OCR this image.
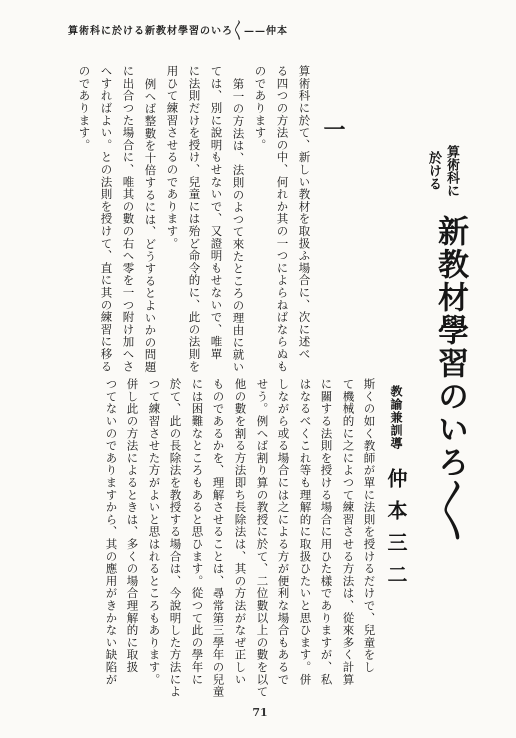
算術科に於ける新教材學習のいろ〱——仲本
算術科に
於ける
新教材學習のいろ〱
教諭兼訓導
仲本三二
斯くの如く教師が單に法則を授けるだけで、兒童をし
て機械的に之によつて練習させる方法は、從來多く計算
に關する法則を授ける場合に用ひた樣でありますが、私
はなるべくこれ等も理解的に取扱ひたいと思ひます。併
しながら或る場合には之による方が便利な場合もあるで
せう。例へば割り算の教授に於て、二位數以上の數を以て
他の數を割る方法即ち長除法は、其の方法がなぜ正しい
ものであるかを、理解させることは、尋常第三學年の兒童
には困難なところもあると思ひます。從つて此の學年に
於て、此の長除法を教授する場合は、今說明した方法によ
つて練習させた方がよいと思はれるところもあります。
併し此の方法によるときは、多くの場合理解的に取扱
つてないのでありますから、其の應用がきかない缺陷が
一
算術科に於て、新しい教材を取扱ふ場合に、次に述べ
る四つの方法の中、何れか其の一つによらねばならぬも
のであります。
第一の方法は、法則のよつて來たところの理由に就い
ては、別に說明もせないで、又證明もせないで、唯單
に法則だけを授け、兒童には殆ど命令的に、此の法則を
用ひて練習させるのであります。
例へば整數を十倍するには、どうするとよいかの問題
に出合つた場合に、唯其の數の右へ零を一つ附け加へさ
へすればよい。との法則を授けて、直に其の練習に移る
のであります。
71
